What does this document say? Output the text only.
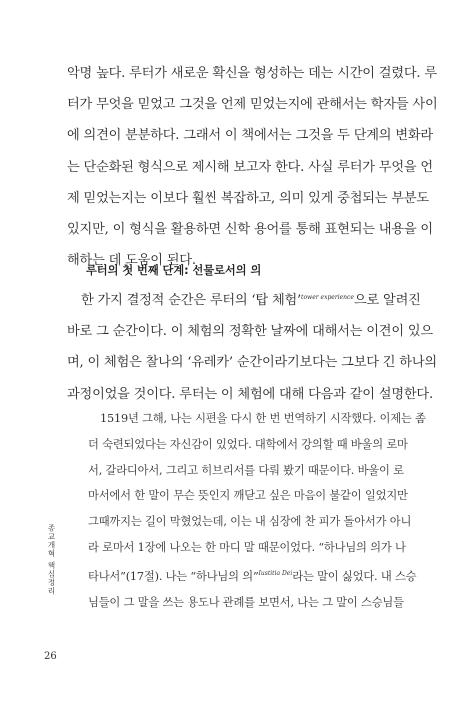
악명 높다. 루터가 새로운 확신을 형성하는 데는 시간이 걸렸다. 루
터가 무엇을 믿었고 그것을 언제 믿었는지에 관해서는 학자들 사이
에 의견이 분분하다. 그래서 이 책에서는 그것을 두 단계의 변화라
는 단순화된 형식으로 제시해 보고자 한다. 사실 루터가 무엇을 언
제 믿었는지는 이보다 훨씬 복잡하고, 의미 있게 중첩되는 부분도
있지만, 이 형식을 활용하면 신학 용어를 통해 표현되는 내용을 이
해하는 데 도움이 된다.

루터의 첫 번째 단계: 선물로서의 의

한 가지 결정적 순간은 루터의 ‘탑 체험’$^{tower experience}$으로 알려진
바로 그 순간이다. 이 체험의 정확한 날짜에 대해서는 이견이 있으
며, 이 체험은 찰나의 ‘유레카’ 순간이라기보다는 그보다 긴 하나의
과정이었을 것이다. 루터는 이 체험에 대해 다음과 같이 설명한다.
1519년 그해, 나는 시편을 다시 한 번 번역하기 시작했다. 이제는 좀
더 숙련되었다는 자신감이 있었다. 대학에서 강의할 때 바울의 로마
서, 갈라디아서, 그리고 히브리서를 다뤄 봤기 때문이다. 바울이 로
마서에서 한 말이 무슨 뜻인지 깨닫고 싶은 마음이 불같이 일었지만
그때까지는 길이 막혔었는데, 이는 내 심장에 찬 피가 돌아서가 아니
라 로마서 1장에 나오는 한 마디 말 때문이었다. “하나님의 의가 나
타나서”(17절). 나는 “하나님의 의”$^{Iustitia Dei}$라는 말이 싫었다. 내 스승
님들이 그 말을 쓰는 용도나 관례를 보면서, 나는 그 말이 스승님들
종교개혁 핵심정리
26
